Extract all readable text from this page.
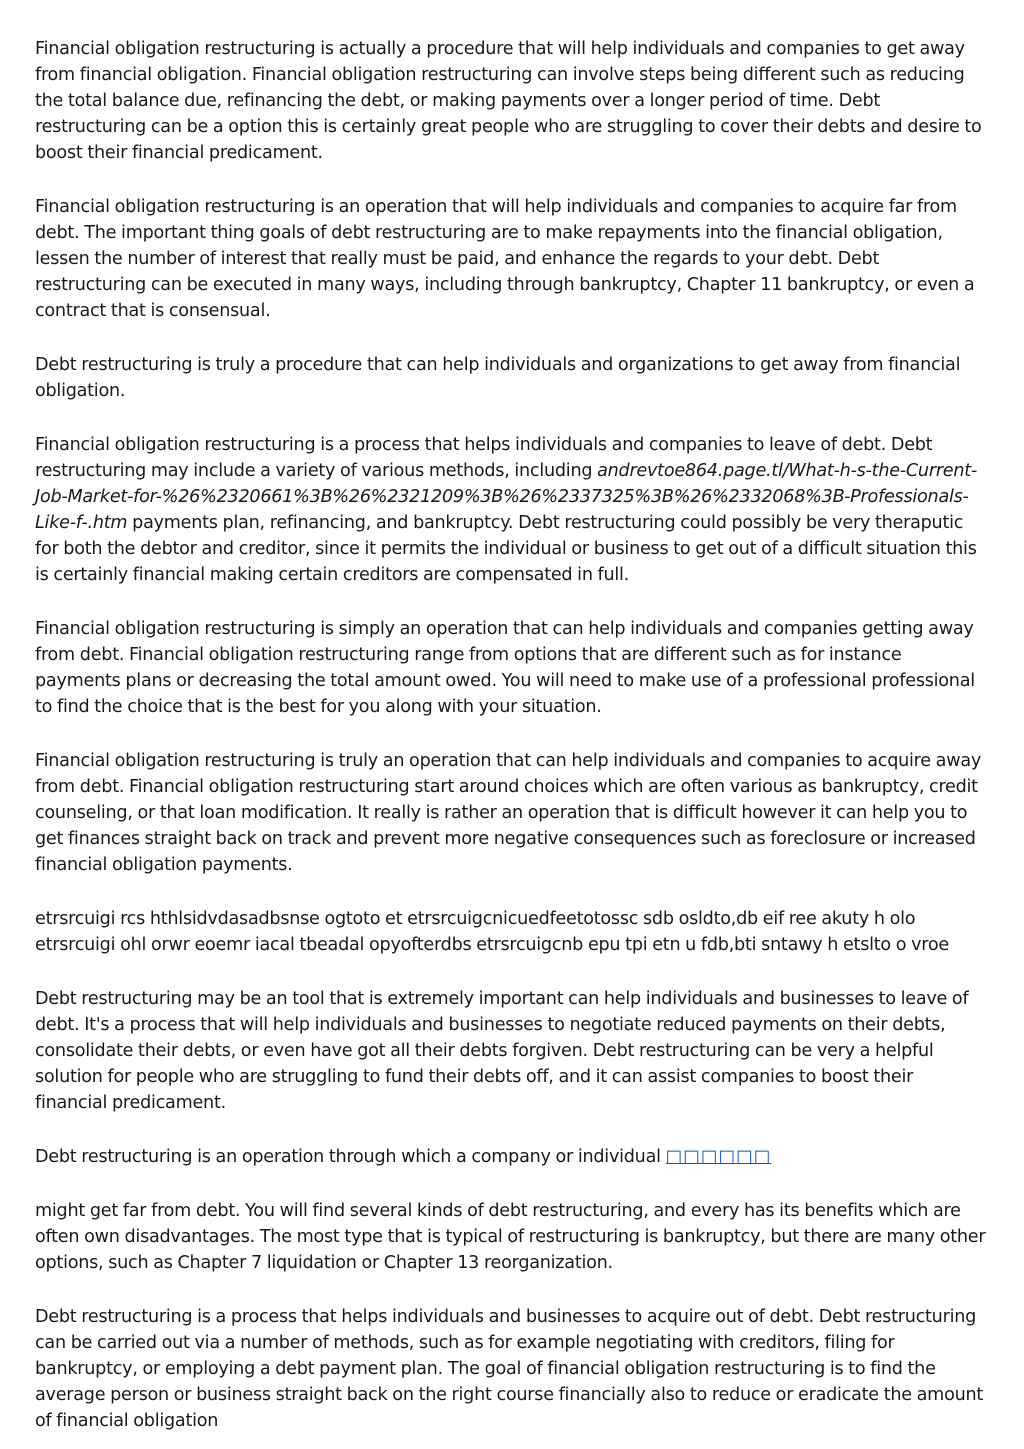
Financial obligation restructuring is actually a procedure that will help individuals and companies to get away from financial obligation. Financial obligation restructuring can involve steps being different such as reducing the total balance due, refinancing the debt, or making payments over a longer period of time. Debt restructuring can be a option this is certainly great people who are struggling to cover their debts and desire to boost their financial predicament.

Financial obligation restructuring is an operation that will help individuals and companies to acquire far from debt. The important thing goals of debt restructuring are to make repayments into the financial obligation, lessen the number of interest that really must be paid, and enhance the regards to your debt. Debt restructuring can be executed in many ways, including through bankruptcy, Chapter 11 bankruptcy, or even a contract that is consensual.

Debt restructuring is truly a procedure that can help individuals and organizations to get away from financial obligation.

Financial obligation restructuring is a process that helps individuals and companies to leave of debt. Debt restructuring may include a variety of various methods, including andrevtoe864.page.tl/What-h-s-the-Current-Job-Market-for-%26%2320661%3B%26%2321209%3B%26%2337325%3B%26%2332068%3B-Professionals-Like-f-.htm payments plan, refinancing, and bankruptcy. Debt restructuring could possibly be very theraputic for both the debtor and creditor, since it permits the individual or business to get out of a difficult situation this is certainly financial making certain creditors are compensated in full.

Financial obligation restructuring is simply an operation that can help individuals and companies getting away from debt. Financial obligation restructuring range from options that are different such as for instance payments plans or decreasing the total amount owed. You will need to make use of a professional professional to find the choice that is the best for you along with your situation.

Financial obligation restructuring is truly an operation that can help individuals and companies to acquire away from debt. Financial obligation restructuring start around choices which are often various as bankruptcy, credit counseling, or that loan modification. It really is rather an operation that is difficult however it can help you to get finances straight back on track and prevent more negative consequences such as foreclosure or increased financial obligation payments.

etrsrcuigi rcs hthlsidvdasadbsnse ogtoto et etrsrcuigcnicuedfeetotossc sdb osldto,db eif ree akuty h olo etrsrcuigi ohl orwr eoemr iacal tbeadal opyofterdbs etrsrcuigcnb epu tpi etn u fdb,bti sntawy h etslto o vroe

Debt restructuring may be an tool that is extremely important can help individuals and businesses to leave of debt. It's a process that will help individuals and businesses to negotiate reduced payments on their debts, consolidate their debts, or even have got all their debts forgiven. Debt restructuring can be very a helpful solution for people who are struggling to fund their debts off, and it can assist companies to boost their financial predicament.

Debt restructuring is an operation through which a company or individual □□□□□□

might get far from debt. You will find several kinds of debt restructuring, and every has its benefits which are often own disadvantages. The most type that is typical of restructuring is bankruptcy, but there are many other options, such as Chapter 7 liquidation or Chapter 13 reorganization.

Debt restructuring is a process that helps individuals and businesses to acquire out of debt. Debt restructuring can be carried out via a number of methods, such as for example negotiating with creditors, filing for bankruptcy, or employing a debt payment plan. The goal of financial obligation restructuring is to find the average person or business straight back on the right course financially also to reduce or eradicate the amount of financial obligation
